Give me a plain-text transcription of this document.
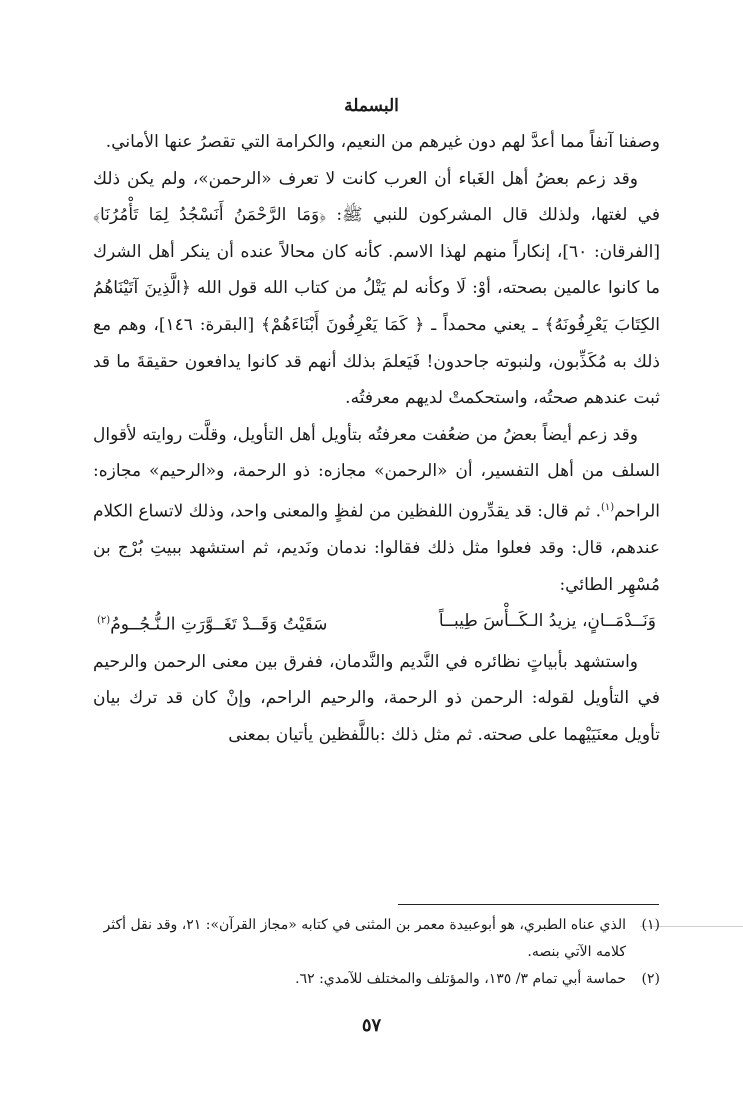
البسملة

وصفنا آنفاً مما أعدَّ لهم دون غيرهم من النعيم، والكرامة التي تقصرُ عنها الأماني.

وقد زعم بعضُ أهل الغَباء أن العرب كانت لا تعرف «الرحمن»، ولم يكن ذلك في لغتها، ولذلك قال المشركون للنبي ﷺ: ﴿وَمَا الرَّحْمَنُ أَنَسْجُدُ لِمَا تَأْمُرُنَا﴾ [الفرقان: ٦٠]، إنكاراً منهم لهذا الاسم. كأنه كان محالاً عنده أن ينكر أهل الشرك ما كانوا عالمين بصحته، أوْ: لَا وكأنه لم يَتْلُ من كتاب الله قول الله ﴿الَّذِينَ آتَيْنَاهُمُ الكِتَابَ يَعْرِفُونَهُ﴾ ـ يعني محمداً ـ ﴿ كَمَا يَعْرِفُونَ أَبْنَاءَهُمْ﴾ [البقرة: ١٤٦]، وهم مع ذلك به مُكَذِّبون، ولنبوته جاحدون! فَيَعلمَ بذلك أنهم قد كانوا يدافعون حقيقةَ ما قد ثبت عندهم صحتُه، واستحكمتْ لديهم معرفتُه.

وقد زعم أيضاً بعضُ من ضعُفت معرفتُه بتأويل أهل التأويل، وقلَّت روايته لأقوال السلف من أهل التفسير، أن «الرحمن» مجازه: ذو الرحمة، و«الرحيم» مجازه: الراحم$^{(١)}$. ثم قال: قد يقدِّرون اللفظين من لفظٍ والمعنى واحد، وذلك لاتساع الكلام عندهم، قال: وقد فعلوا مثل ذلك فقالوا: ندمان ونَديم، ثم استشهد ببيتِ بُرْج بن مُسْهِر الطائي:

وَنَــدْمَــانٍ، يزيدُ الـكَــأْسَ طِيبــاً
سَقَيْتُ وَقَــدْ تَغَــوَّرَتِ الـنُّـجُــومُ$^{(٢)}$

واستشهد بأبياتٍ نظائره في النَّديم والنَّدمان، ففرق بين معنى الرحمن والرحيم في التأويل لقوله: الرحمن ذو الرحمة، والرحيم الراحم، وإنْ كان قد ترك بيان تأويل معنَيَيْهما على صحته. ثم مثل ذلك :باللَّفظين يأتيان بمعنى

(١)
الذي عناه الطبري، هو أبوعبيدة معمر بن المثنى في كتابه «مجاز القرآن»: ٢١، وقد نقل أكثر كلامه الآتي بنصه.
(٢)
حماسة أبي تمام ٣/ ١٣٥، والمؤتلف والمختلف للآمدي: ٦٢.
٥٧
